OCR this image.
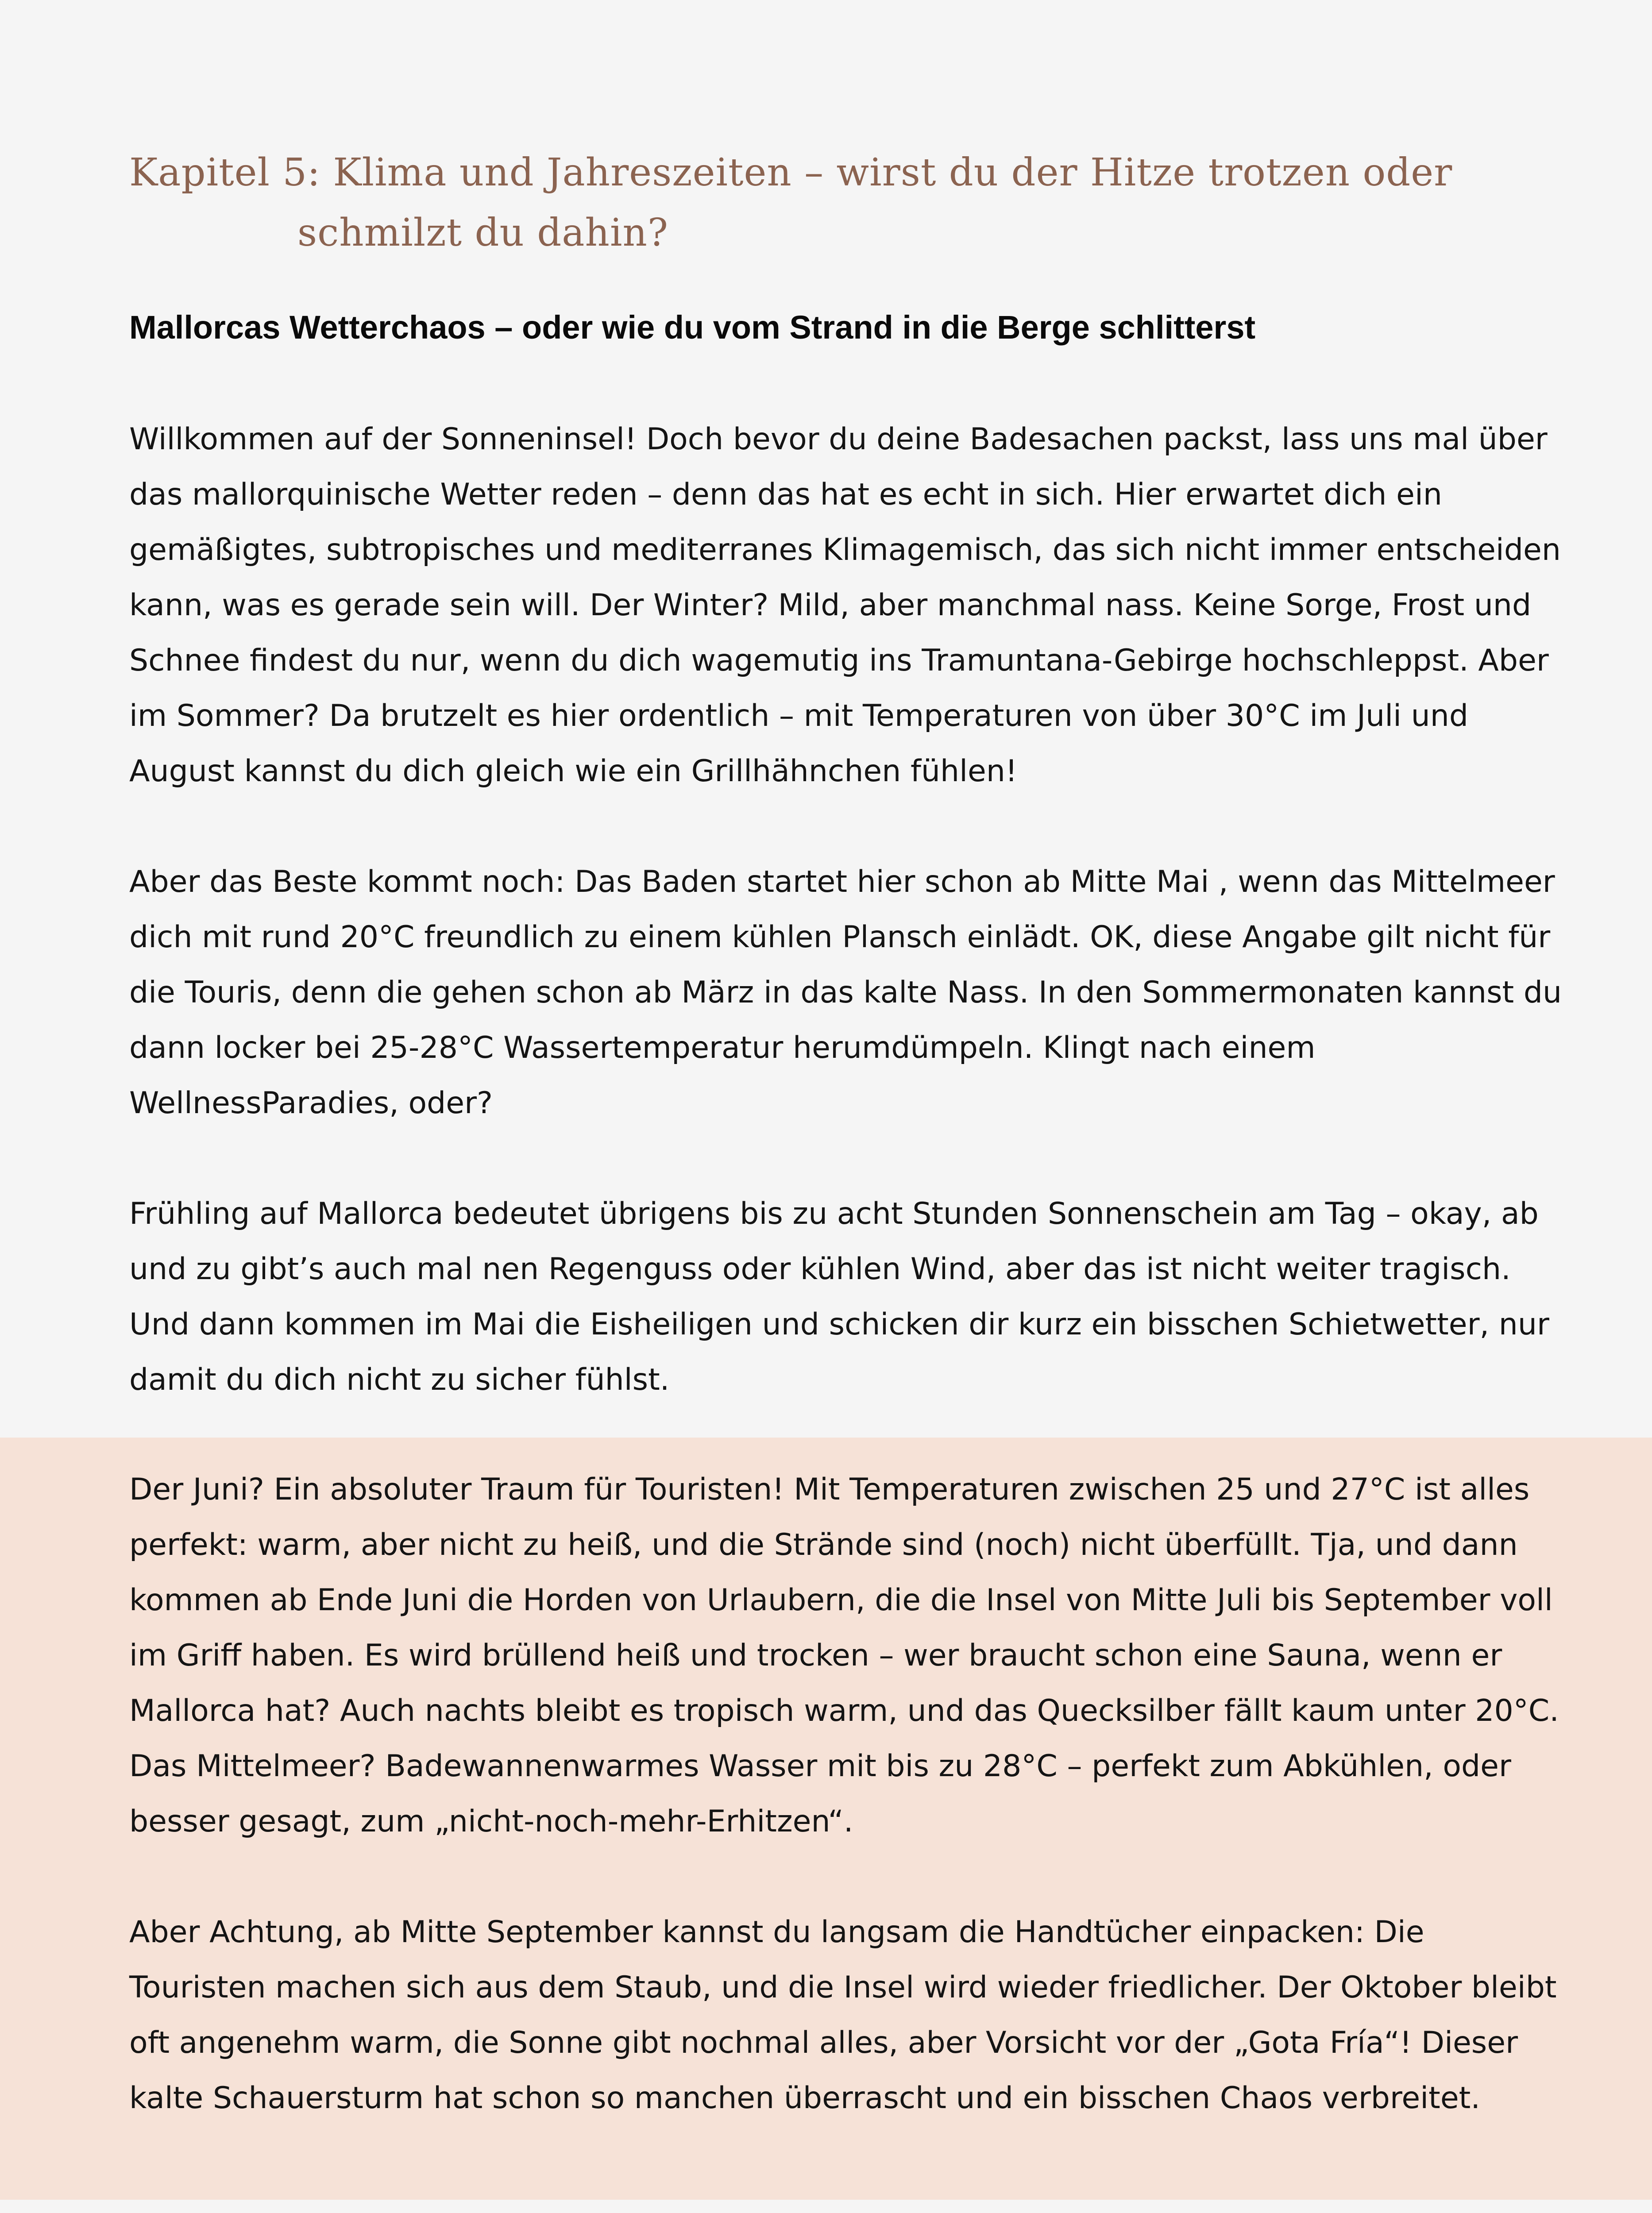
Kapitel 5: Klima und Jahreszeiten – wirst du der Hitze trotzen oder schmilzt du dahin?
Mallorcas Wetterchaos – oder wie du vom Strand in die Berge schlitterst

Willkommen auf der Sonneninsel! Doch bevor du deine Badesachen packst, lass uns mal über das mallorquinische Wetter reden – denn das hat es echt in sich. Hier erwartet dich ein gemäßigtes, subtropisches und mediterranes Klimagemisch, das sich nicht immer entscheiden kann, was es gerade sein will. Der Winter? Mild, aber manchmal nass. Keine Sorge, Frost und Schnee findest du nur, wenn du dich wagemutig ins Tramuntana-Gebirge hochschleppst. Aber im Sommer? Da brutzelt es hier ordentlich – mit Temperaturen von über 30°C im Juli und August kannst du dich gleich wie ein Grillhähnchen fühlen!

Aber das Beste kommt noch: Das Baden startet hier schon ab Mitte Mai , wenn das Mittelmeer dich mit rund 20°C freundlich zu einem kühlen Plansch einlädt. OK, diese Angabe gilt nicht für die Touris, denn die gehen schon ab März in das kalte Nass. In den Sommermonaten kannst du dann locker bei 25-28°C Wassertemperatur herumdümpeln. Klingt nach einem WellnessParadies, oder?

Frühling auf Mallorca bedeutet übrigens bis zu acht Stunden Sonnenschein am Tag – okay, ab und zu gibt’s auch mal nen Regenguss oder kühlen Wind, aber das ist nicht weiter tragisch. Und dann kommen im Mai die Eisheiligen und schicken dir kurz ein bisschen Schietwetter, nur damit du dich nicht zu sicher fühlst.

Der Juni? Ein absoluter Traum für Touristen! Mit Temperaturen zwischen 25 und 27°C ist alles perfekt: warm, aber nicht zu heiß, und die Strände sind (noch) nicht überfüllt. Tja, und dann kommen ab Ende Juni die Horden von Urlaubern, die die Insel von Mitte Juli bis September voll im Griff haben. Es wird brüllend heiß und trocken – wer braucht schon eine Sauna, wenn er Mallorca hat? Auch nachts bleibt es tropisch warm, und das Quecksilber fällt kaum unter 20°C. Das Mittelmeer? Badewannenwarmes Wasser mit bis zu 28°C – perfekt zum Abkühlen, oder besser gesagt, zum „nicht-noch-mehr-Erhitzen“.

Aber Achtung, ab Mitte September kannst du langsam die Handtücher einpacken: Die Touristen machen sich aus dem Staub, und die Insel wird wieder friedlicher. Der Oktober bleibt oft angenehm warm, die Sonne gibt nochmal alles, aber Vorsicht vor der „Gota Fría“! Dieser kalte Schauersturm hat schon so manchen überrascht und ein bisschen Chaos verbreitet.
